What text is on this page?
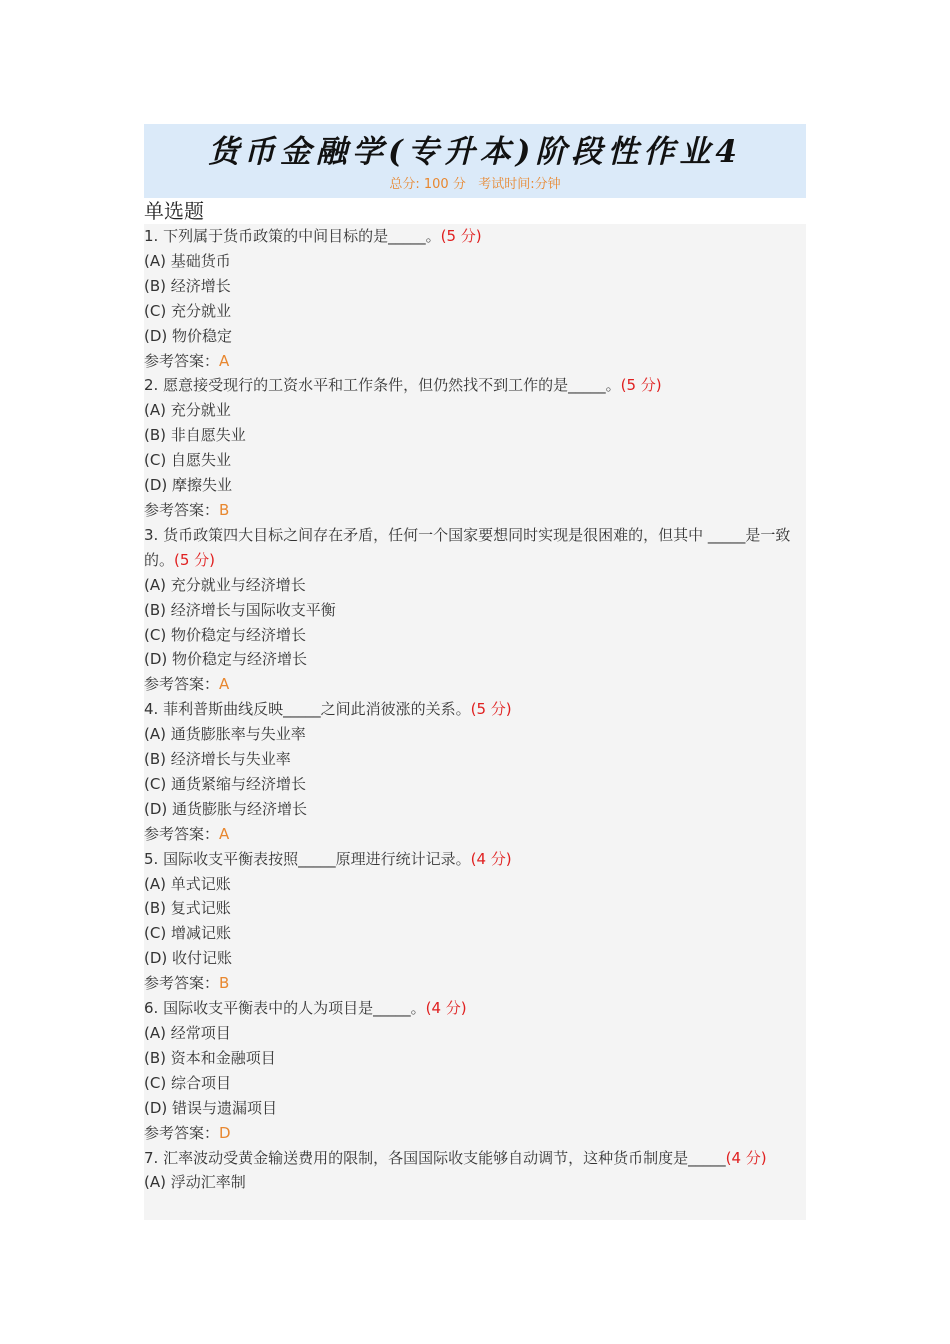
货币金融学(专升本)阶段性作业4
总分: 100 分   考试时间:分钟
单选题
1. 下列属于货币政策的中间目标的是_____。(5 分)
(A) 基础货币
(B) 经济增长
(C) 充分就业
(D) 物价稳定
参考答案：A
2. 愿意接受现行的工资水平和工作条件，但仍然找不到工作的是_____。(5 分)
(A) 充分就业
(B) 非自愿失业
(C) 自愿失业
(D) 摩擦失业
参考答案：B
3. 货币政策四大目标之间存在矛盾，任何一个国家要想同时实现是很困难的，但其中 _____是一致的。(5 分)
(A) 充分就业与经济增长
(B) 经济增长与国际收支平衡
(C) 物价稳定与经济增长
(D) 物价稳定与经济增长
参考答案：A
4. 菲利普斯曲线反映_____之间此消彼涨的关系。(5 分)
(A) 通货膨胀率与失业率
(B) 经济增长与失业率
(C) 通货紧缩与经济增长
(D) 通货膨胀与经济增长
参考答案：A
5. 国际收支平衡表按照_____原理进行统计记录。(4 分)
(A) 单式记账
(B) 复式记账
(C) 增减记账
(D) 收付记账
参考答案：B
6. 国际收支平衡表中的人为项目是_____。(4 分)
(A) 经常项目
(B) 资本和金融项目
(C) 综合项目
(D) 错误与遗漏项目
参考答案：D
7. 汇率波动受黄金输送费用的限制，各国国际收支能够自动调节，这种货币制度是_____(4 分)
(A) 浮动汇率制
